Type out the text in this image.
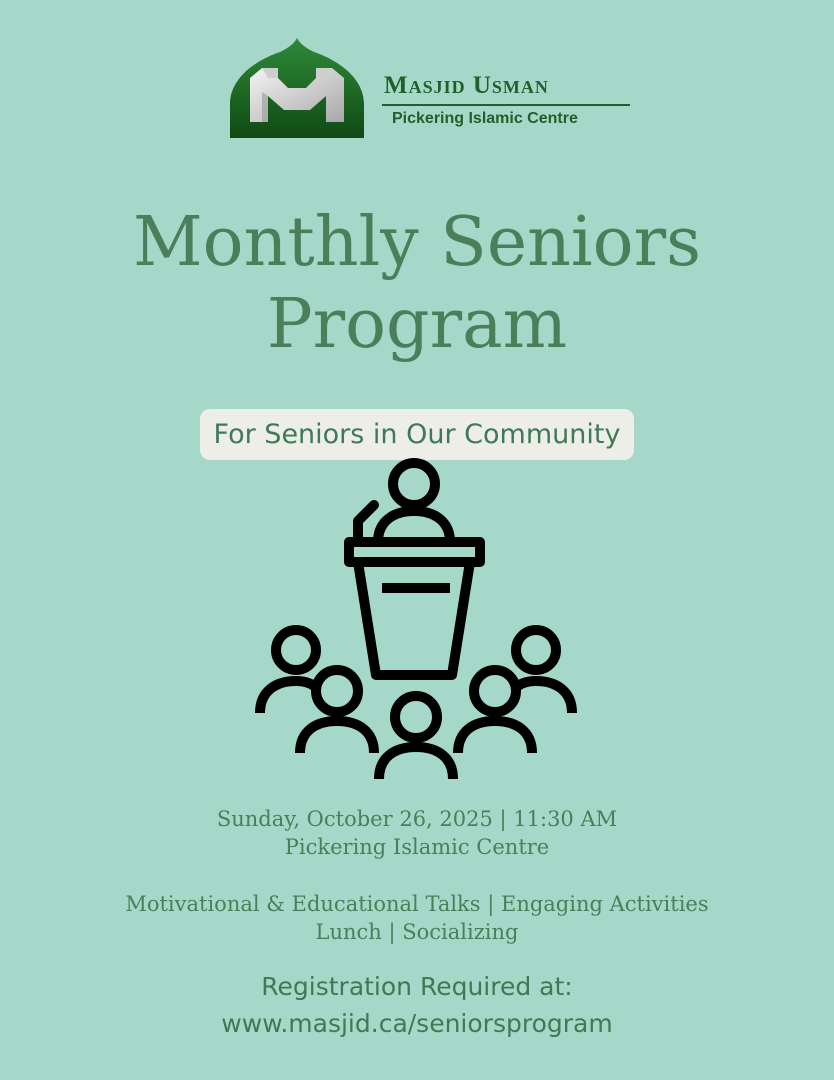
Masjid Usman
Pickering Islamic Centre
Monthly Seniors
Program
For Seniors in Our Community
Sunday, October 26, 2025 | 11:30 AM
Pickering Islamic Centre
Motivational & Educational Talks | Engaging Activities
Lunch | Socializing
Registration Required at:
www.masjid.ca/seniorsprogram
